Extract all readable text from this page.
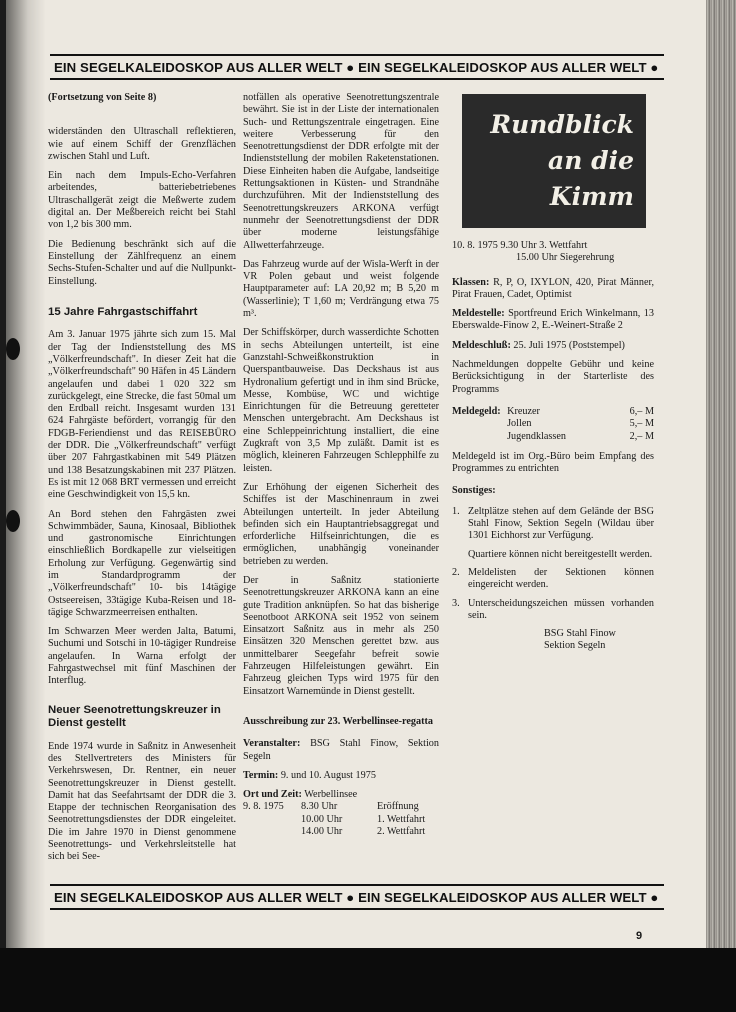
EIN SEGELKALEIDOSKOP AUS ALLER WELT ● EIN SEGELKALEIDOSKOP AUS ALLER WELT ●

(Fortsetzung von Seite 8)

widerständen den Ultraschall reflektieren, wie auf einem Schiff der Grenzflächen zwischen Stahl und Luft.

Ein nach dem Impuls-Echo-Verfahren arbeitendes, batteriebetriebenes Ultraschallgerät zeigt die Meßwerte zudem digital an. Der Meßbereich reicht bei Stahl von 1,2 bis 300 mm.

Die Bedienung beschränkt sich auf die Einstellung der Zählfrequenz an einem Sechs-Stufen-Schalter und auf die Nullpunkt-Einstellung.

15 Jahre Fahrgastschiffahrt

Am 3. Januar 1975 jährte sich zum 15. Mal der Tag der Indienststellung des MS „Völkerfreundschaft". In dieser Zeit hat die „Völkerfreundschaft" 90 Häfen in 45 Ländern angelaufen und dabei 1 020 322 sm zurückgelegt, eine Strecke, die fast 50mal um den Erdball reicht. Insgesamt wurden 131 624 Fahrgäste befördert, vorrangig für den FDGB-Feriendienst und das REISEBÜRO der DDR. Die „Völkerfreundschaft" verfügt über 207 Fahrgastkabinen mit 549 Plätzen und 138 Besatzungskabinen mit 237 Plätzen. Es ist mit 12 068 BRT vermessen und erreicht eine Geschwindigkeit von 15,5 kn.

An Bord stehen den Fahrgästen zwei Schwimmbäder, Sauna, Kinosaal, Bibliothek und gastronomische Einrichtungen einschließlich Bordkapelle zur vielseitigen Erholung zur Verfügung. Gegenwärtig sind im Standardprogramm der „Völkerfreundschaft" 10- bis 14tägige Ostseereisen, 33tägige Kuba-Reisen und 18-tägige Schwarzmeerreisen enthalten.

Im Schwarzen Meer werden Jalta, Batumi, Suchumi und Sotschi in 10-tägiger Rundreise angelaufen. In Warna erfolgt der Fahrgastwechsel mit fünf Maschinen der Interflug.

Neuer Seenotrettungskreuzer in Dienst gestellt

Ende 1974 wurde in Saßnitz in Anwesenheit des Stellvertreters des Ministers für Verkehrswesen, Dr. Rentner, ein neuer Seenotrettungskreuzer in Dienst gestellt. Damit hat das Seefahrtsamt der DDR die 3. Etappe der technischen Reorganisation des Seenotrettungsdienstes der DDR eingeleitet. Die im Jahre 1970 in Dienst genommene Seenotrettungs- und Verkehrsleitstelle hat sich bei See-

notfällen als operative Seenotrettungszentrale bewährt. Sie ist in der Liste der internationalen Such- und Rettungszentrale eingetragen. Eine weitere Verbesserung für den Seenotrettungsdienst der DDR erfolgte mit der Indienststellung der mobilen Raketenstationen. Diese Einheiten haben die Aufgabe, landseitige Rettungsaktionen in Küsten- und Strandnähe durchzuführen. Mit der Indienststellung des Seenotrettungskreuzers ARKONA verfügt nunmehr der Seenotrettungsdienst der DDR über moderne leistungsfähige Allwetterfahrzeuge.

Das Fahrzeug wurde auf der Wisla-Werft in der VR Polen gebaut und weist folgende Hauptparameter auf: LA 20,92 m; B 5,20 m (Wasserlinie); T 1,60 m; Verdrängung etwa 75 m³.

Der Schiffskörper, durch wasserdichte Schotten in sechs Abteilungen unterteilt, ist eine Ganzstahl-Schweißkonstruktion in Querspantbauweise. Das Deckshaus ist aus Hydronalium gefertigt und in ihm sind Brücke, Messe, Kombüse, WC und wichtige Einrichtungen für die Betreuung geretteter Menschen untergebracht. Am Deckshaus ist eine Schleppeinrichtung installiert, die eine Zugkraft von 3,5 Mp zuläßt. Damit ist es möglich, kleineren Fahrzeugen Schlepphilfe zu leisten.

Zur Erhöhung der eigenen Sicherheit des Schiffes ist der Maschinenraum in zwei Abteilungen unterteilt. In jeder Abteilung befinden sich ein Hauptantriebsaggregat und erforderliche Hilfseinrichtungen, die es ermöglichen, unabhängig voneinander betrieben zu werden.

Der in Saßnitz stationierte Seenotrettungskreuzer ARKONA kann an eine gute Tradition anknüpfen. So hat das bisherige Seenotboot ARKONA seit 1952 von seinem Einsatzort Saßnitz aus in mehr als 250 Einsätzen 320 Menschen gerettet bzw. aus unmittelbarer Seegefahr befreit sowie Fahrzeugen Hilfeleistungen gewährt. Ein Fahrzeug gleichen Typs wird 1975 für den Einsatzort Warnemünde in Dienst gestellt.

Ausschreibung zur 23. Werbellinsee-regatta

Veranstalter: BSG Stahl Finow, Sektion Segeln

Termin: 9. und 10. August 1975

Ort und Zeit: Werbellinsee

9. 8. 1975	8.30 Uhr	Eröffnung
10.00 Uhr	1. Wettfahrt
14.00 Uhr	2. Wettfahrt
Rundblick
an die
Kimm

10. 8. 1975 9.30 Uhr 3. Wettfahrt

15.00 Uhr Siegerehrung

Klassen: R, P, O, IXYLON, 420, Pirat Männer, Pirat Frauen, Cadet, Optimist

Meldestelle: Sportfreund Erich Winkelmann, 13 Eberswalde-Finow 2, E.-Weinert-Straße 2

Meldeschluß: 25. Juli 1975 (Poststempel)

Nachmeldungen doppelte Gebühr und keine Berücksichtigung in der Starterliste des Programms

Meldegeld: Kreuzer	6,– M
Jollen	5,– M
Jugendklassen	2,– M

Meldegeld ist im Org.-Büro beim Empfang des Programmes zu entrichten

Sonstiges:

1. Zeltplätze stehen auf dem Gelände der BSG Stahl Finow, Sektion Segeln (Wildau über 1301 Eichhorst zur Verfügung.
Quartiere können nicht bereitgestellt werden.
2. Meldelisten der Sektionen können eingereicht werden.
3. Unterscheidungszeichen müssen vorhanden sein.

BSG Stahl Finow

Sektion Segeln

EIN SEGELKALEIDOSKOP AUS ALLER WELT ● EIN SEGELKALEIDOSKOP AUS ALLER WELT ●
9
